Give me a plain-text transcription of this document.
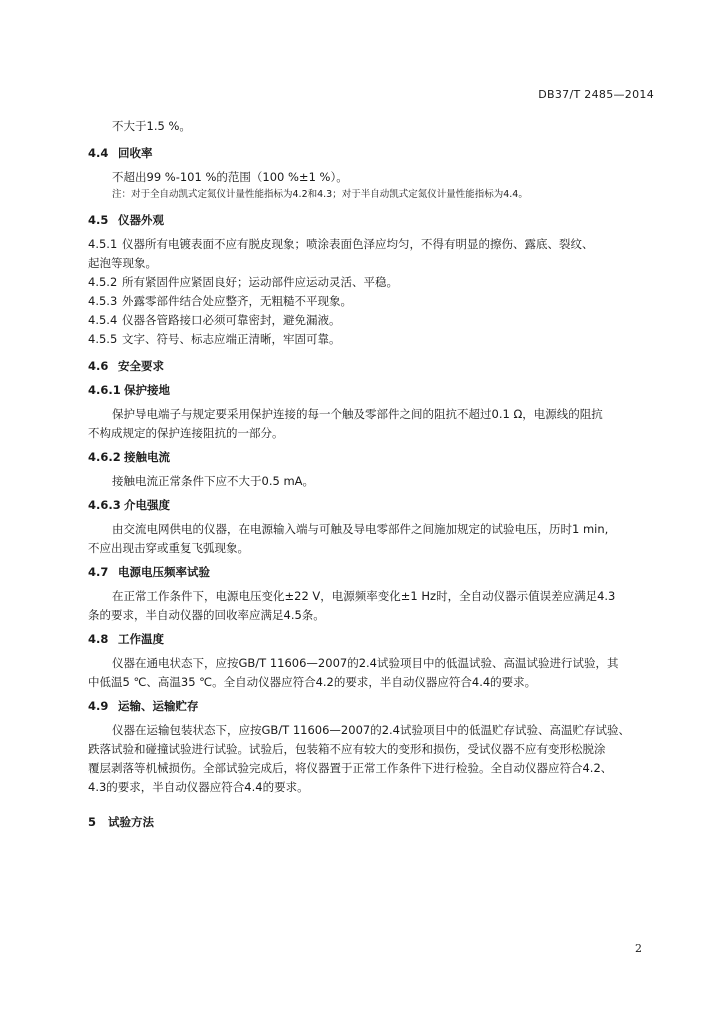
DB37/T 2485—2014

不大于1.5 %。

4.4 回收率

不超出99 %-101 %的范围（100 %±1 %）。

注：对于全自动凯式定氮仪计量性能指标为4.2和4.3；对于半自动凯式定氮仪计量性能指标为4.4。

4.5 仪器外观

4.5.1 仪器所有电镀表面不应有脱皮现象；喷涂表面色泽应均匀，不得有明显的擦伤、露底、裂纹、

起泡等现象。

4.5.2 所有紧固件应紧固良好；运动部件应运动灵活、平稳。

4.5.3 外露零部件结合处应整齐，无粗糙不平现象。

4.5.4 仪器各管路接口必须可靠密封，避免漏液。

4.5.5 文字、符号、标志应端正清晰，牢固可靠。

4.6 安全要求

4.6.1 保护接地

保护导电端子与规定要采用保护连接的每一个触及零部件之间的阻抗不超过0.1 Ω，电源线的阻抗

不构成规定的保护连接阻抗的一部分。

4.6.2 接触电流

接触电流正常条件下应不大于0.5 mA。

4.6.3 介电强度

由交流电网供电的仪器，在电源输入端与可触及导电零部件之间施加规定的试验电压，历时1 min,

不应出现击穿或重复飞弧现象。

4.7 电源电压频率试验

在正常工作条件下，电源电压变化±22 V，电源频率变化±1 Hz时，全自动仪器示值误差应满足4.3

条的要求，半自动仪器的回收率应满足4.5条。

4.8 工作温度

仪器在通电状态下，应按GB/T 11606—2007的2.4试验项目中的低温试验、高温试验进行试验，其

中低温5 ℃、高温35 ℃。全自动仪器应符合4.2的要求，半自动仪器应符合4.4的要求。

4.9 运输、运输贮存

仪器在运输包装状态下，应按GB/T 11606—2007的2.4试验项目中的低温贮存试验、高温贮存试验、

跌落试验和碰撞试验进行试验。试验后，包装箱不应有较大的变形和损伤，受试仪器不应有变形松脱涂

覆层剥落等机械损伤。全部试验完成后，将仪器置于正常工作条件下进行检验。全自动仪器应符合4.2、

4.3的要求，半自动仪器应符合4.4的要求。

5 试验方法

2
